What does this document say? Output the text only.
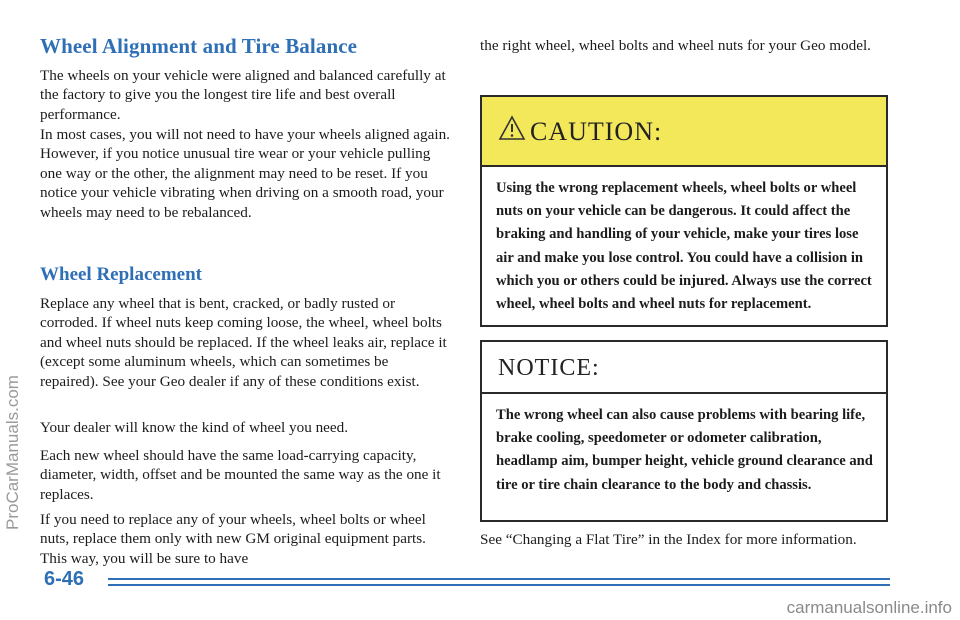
Wheel Alignment and Tire Balance

The wheels on your vehicle were aligned and balanced carefully at the factory to give you the longest tire life and best overall performance.

In most cases, you will not need to have your wheels aligned again. However, if you notice unusual tire wear or your vehicle pulling one way or the other, the alignment may need to be reset. If you notice your vehicle vibrating when driving on a smooth road, your wheels may need to be rebalanced.

Wheel Replacement

Replace any wheel that is bent, cracked, or badly rusted or corroded. If wheel nuts keep coming loose, the wheel, wheel bolts and wheel nuts should be replaced. If the wheel leaks air, replace it (except some aluminum wheels, which can sometimes be repaired). See your Geo dealer if any of these conditions exist.

Your dealer will know the kind of wheel you need.

Each new wheel should have the same load-carrying capacity, diameter, width, offset and be mounted the same way as the one it replaces.

If you need to replace any of your wheels, wheel bolts or wheel nuts, replace them only with new GM original equipment parts. This way, you will be sure to have

the right wheel, wheel bolts and wheel nuts for your Geo model.

CAUTION:
Using the wrong replacement wheels, wheel bolts or wheel nuts on your vehicle can be dangerous. It could affect the braking and handling of your vehicle, make your tires lose air and make you lose control. You could have a collision in which you or others could be injured. Always use the correct wheel, wheel bolts and wheel nuts for replacement.
NOTICE:
The wrong wheel can also cause problems with bearing life, brake cooling, speedometer or odometer calibration, headlamp aim, bumper height, vehicle ground clearance and tire or tire chain clearance to the body and chassis.

See “Changing a Flat Tire” in the Index for more information.

ProCarManuals.com
6-46
carmanualsonline.info
